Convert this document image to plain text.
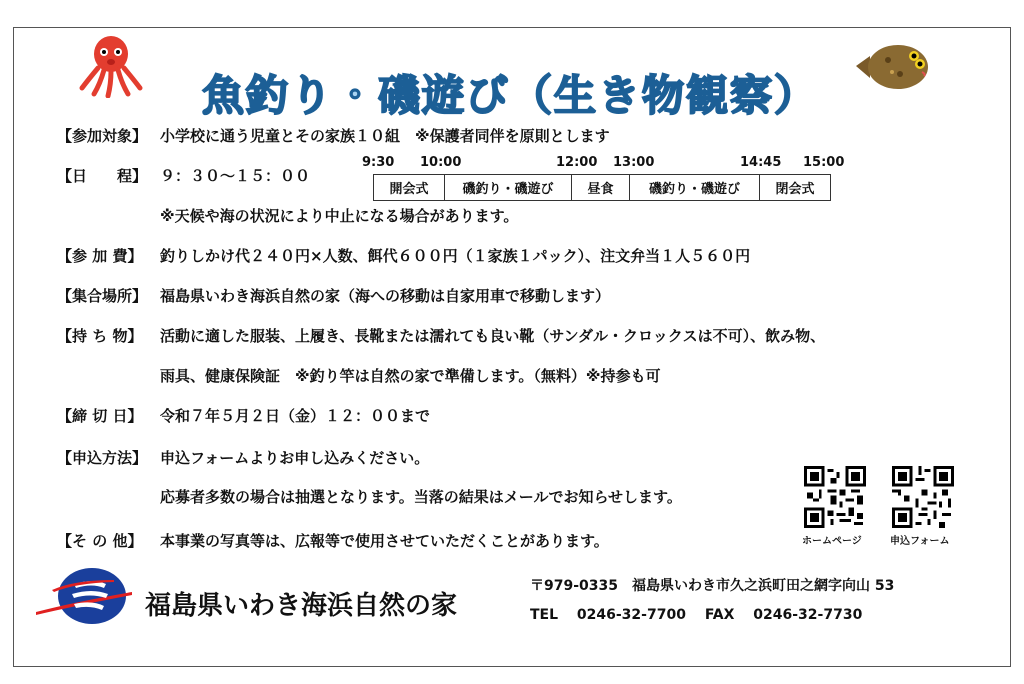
魚釣り・磯遊び（生き物観察）
【参加対象】 小学校に通う児童とその家族１０組　※保護者同伴を原則とします
【日　　程】 ９：３０～１５：００
9:30 10:00	12:00 13:00	14:45 15:00
開会式	磯釣り・磯遊び	昼食	磯釣り・磯遊び	閉会式
※天候や海の状況により中止になる場合があります。
【参 加 費】 釣りしかけ代２４０円×人数、餌代６００円（１家族１パック）、注文弁当１人５６０円
【集合場所】 福島県いわき海浜自然の家（海への移動は自家用車で移動します）
【持 ち 物】 活動に適した服装、上履き、長靴または濡れても良い靴（サンダル・クロックスは不可）、飲み物、
雨具、健康保険証　※釣り竿は自然の家で準備します。（無料）※持参も可
【締 切 日】 令和７年５月２日（金）１２：００まで
【申込方法】 申込フォームよりお申し込みください。
応募者多数の場合は抽選となります。当落の結果はメールでお知らせします。
【そ の 他】 本事業の写真等は、広報等で使用させていただくことがあります。	ホームページ	申込フォーム
福島県いわき海浜自然の家
〒979-0335　福島県いわき市久之浜町田之網字向山 53
TEL　 0246-32-7700　 FAX　 0246-32-7730
